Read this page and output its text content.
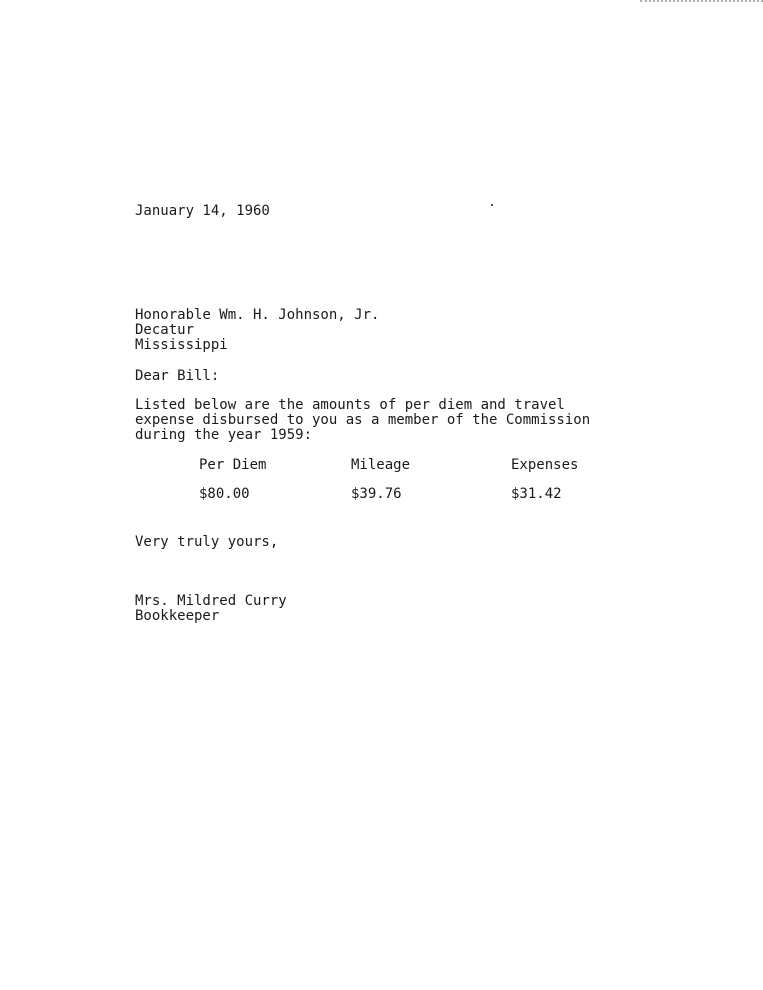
January 14, 1960
Honorable Wm. H. Johnson, Jr.
Decatur
Mississippi
Dear Bill:
Listed below are the amounts of per diem and travel
expense disbursed to you as a member of the Commission
during the year 1959:
Per Diem	Mileage	Expenses
$80.00	$39.76	$31.42
Very truly yours,
Mrs. Mildred Curry
Bookkeeper
